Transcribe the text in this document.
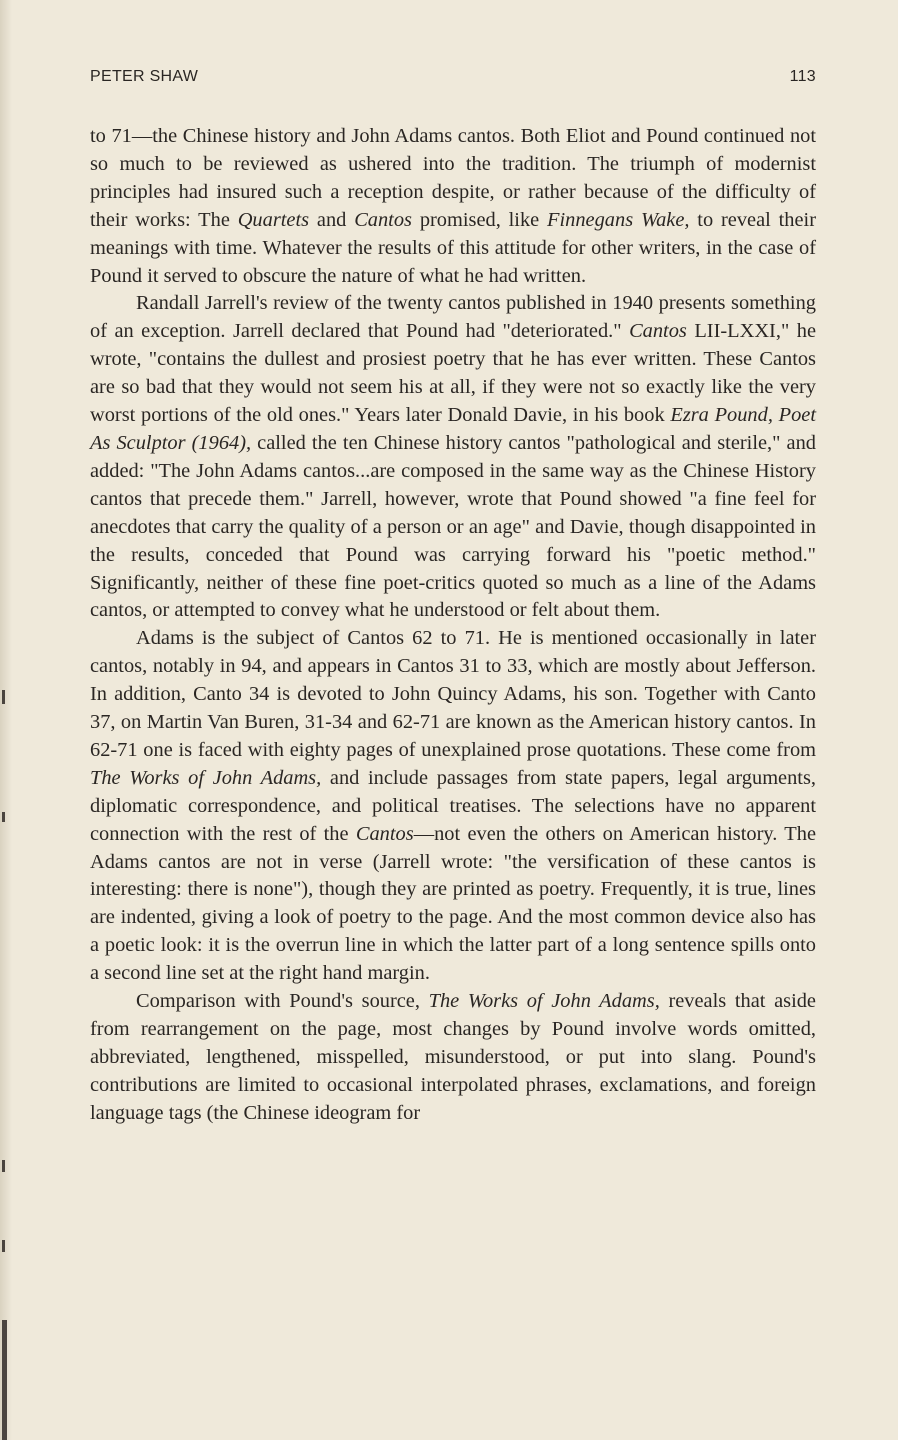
PETER SHAW	113

to 71—the Chinese history and John Adams cantos. Both Eliot and Pound continued not so much to be reviewed as ushered into the tradition. The triumph of modernist principles had insured such a reception despite, or rather because of the difficulty of their works: The Quartets and Cantos promised, like Finnegans Wake, to reveal their meanings with time. Whatever the results of this attitude for other writers, in the case of Pound it served to obscure the nature of what he had written.

Randall Jarrell's review of the twenty cantos published in 1940 presents something of an exception. Jarrell declared that Pound had "deteriorated." Cantos LII-LXXI," he wrote, "contains the dullest and prosiest poetry that he has ever written. These Cantos are so bad that they would not seem his at all, if they were not so exactly like the very worst portions of the old ones." Years later Donald Davie, in his book Ezra Pound, Poet As Sculptor (1964), called the ten Chinese history cantos "pathological and sterile," and added: "The John Adams cantos...are composed in the same way as the Chinese History cantos that precede them." Jarrell, however, wrote that Pound showed "a fine feel for anecdotes that carry the quality of a person or an age" and Davie, though disappointed in the results, conceded that Pound was carrying forward his "poetic method." Significantly, neither of these fine poet-critics quoted so much as a line of the Adams cantos, or attempted to convey what he understood or felt about them.

Adams is the subject of Cantos 62 to 71. He is mentioned occasionally in later cantos, notably in 94, and appears in Cantos 31 to 33, which are mostly about Jefferson. In addition, Canto 34 is devoted to John Quincy Adams, his son. Together with Canto 37, on Martin Van Buren, 31-34 and 62-71 are known as the American history cantos. In 62-71 one is faced with eighty pages of unexplained prose quotations. These come from The Works of John Adams, and include passages from state papers, legal arguments, diplomatic correspondence, and political treatises. The selections have no apparent connection with the rest of the Cantos—not even the others on American history. The Adams cantos are not in verse (Jarrell wrote: "the versification of these cantos is interesting: there is none"), though they are printed as poetry. Frequently, it is true, lines are indented, giving a look of poetry to the page. And the most common device also has a poetic look: it is the overrun line in which the latter part of a long sentence spills onto a second line set at the right hand margin.

Comparison with Pound's source, The Works of John Adams, reveals that aside from rearrangement on the page, most changes by Pound involve words omitted, abbreviated, lengthened, misspelled, misunderstood, or put into slang. Pound's contributions are limited to occasional interpolated phrases, exclamations, and foreign language tags (the Chinese ideogram for
